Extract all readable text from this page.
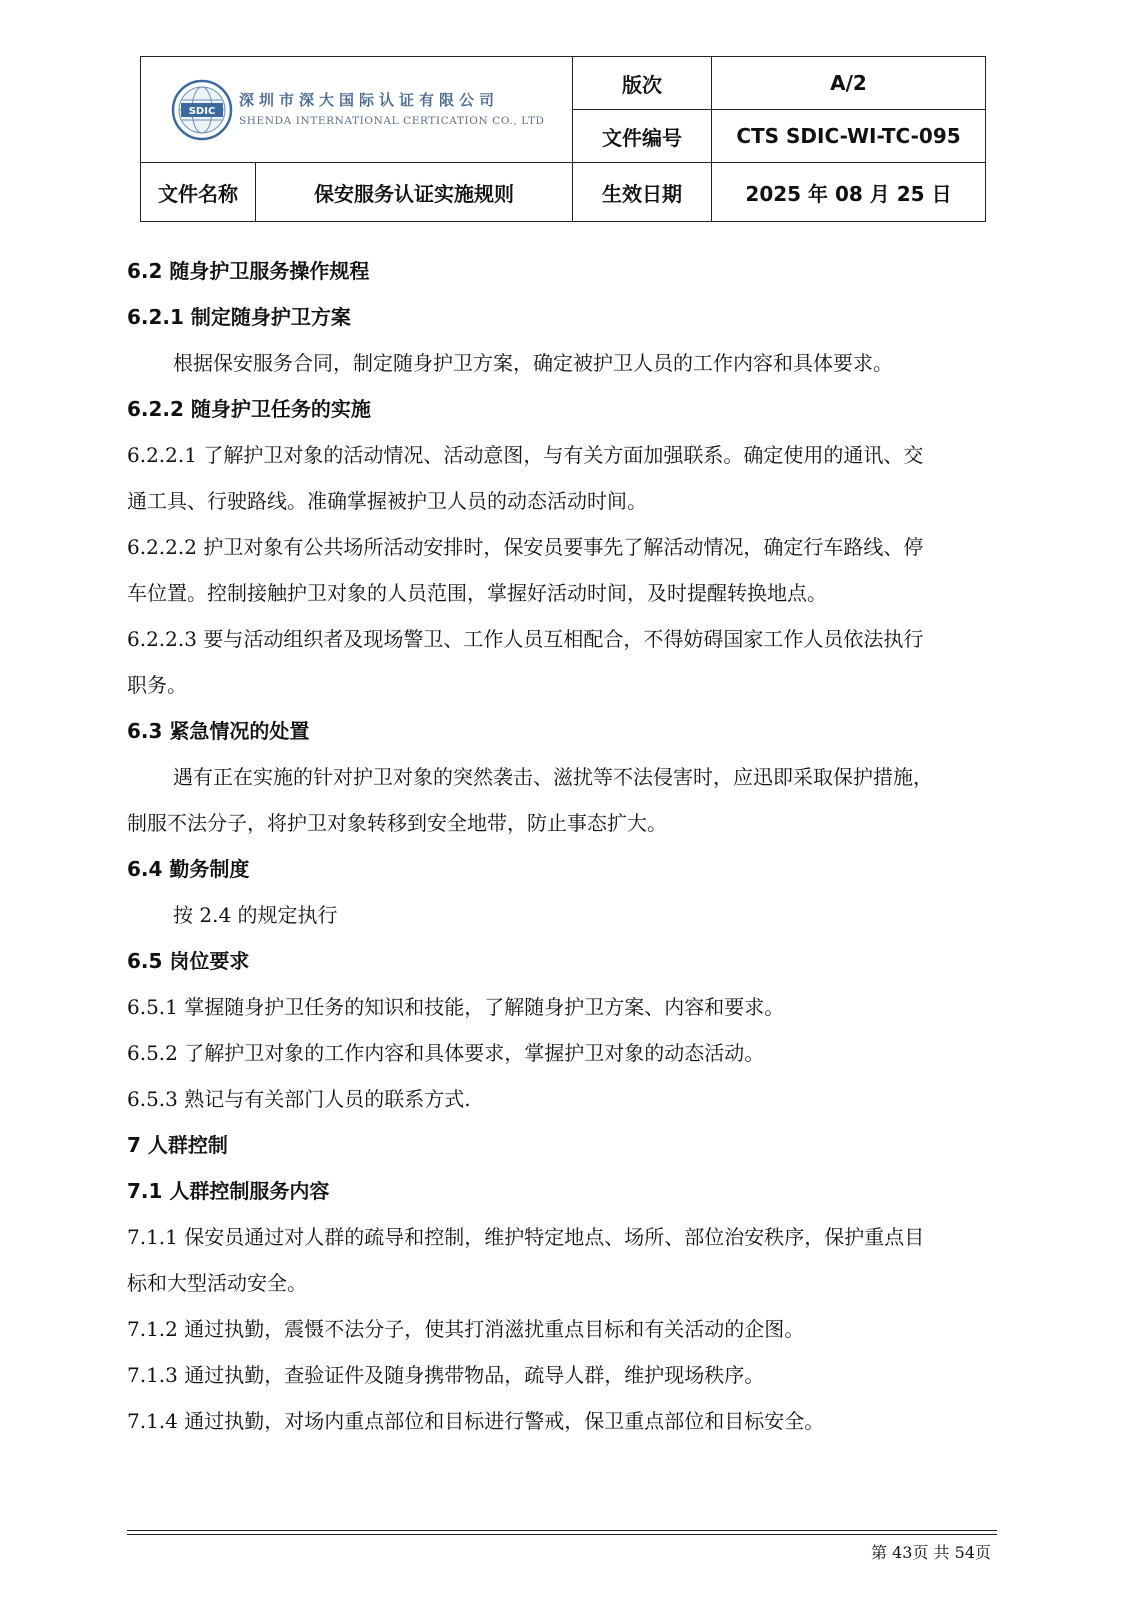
SDIC
深圳市深大国际认证有限公司
SHENDA INTERNATIONAL CERTICATION CO., LTD		版次	A/2
		文件编号	CTS SDIC-WI-TC-095
文件名称	保安服务认证实施规则	生效日期	2025 年 08 月 25 日
6.2 随身护卫服务操作规程
6.2.1 制定随身护卫方案
根据保安服务合同，制定随身护卫方案，确定被护卫人员的工作内容和具体要求。
6.2.2 随身护卫任务的实施
6.2.2.1 了解护卫对象的活动情况、活动意图，与有关方面加强联系。确定使用的通讯、交
通工具、行驶路线。准确掌握被护卫人员的动态活动时间。
6.2.2.2 护卫对象有公共场所活动安排时，保安员要事先了解活动情况，确定行车路线、停
车位置。控制接触护卫对象的人员范围，掌握好活动时间，及时提醒转换地点。
6.2.2.3 要与活动组织者及现场警卫、工作人员互相配合，不得妨碍国家工作人员依法执行
职务。
6.3 紧急情况的处置
遇有正在实施的针对护卫对象的突然袭击、滋扰等不法侵害时，应迅即采取保护措施，
制服不法分子，将护卫对象转移到安全地带，防止事态扩大。
6.4 勤务制度
按 2.4 的规定执行
6.5 岗位要求
6.5.1 掌握随身护卫任务的知识和技能，了解随身护卫方案、内容和要求。
6.5.2 了解护卫对象的工作内容和具体要求，掌握护卫对象的动态活动。
6.5.3 熟记与有关部门人员的联系方式.
7 人群控制
7.1 人群控制服务内容
7.1.1 保安员通过对人群的疏导和控制，维护特定地点、场所、部位治安秩序，保护重点目
标和大型活动安全。
7.1.2 通过执勤，震慑不法分子，使其打消滋扰重点目标和有关活动的企图。
7.1.3 通过执勤，查验证件及随身携带物品，疏导人群，维护现场秩序。
7.1.4 通过执勤，对场内重点部位和目标进行警戒，保卫重点部位和目标安全。
第 43页 共 54页
